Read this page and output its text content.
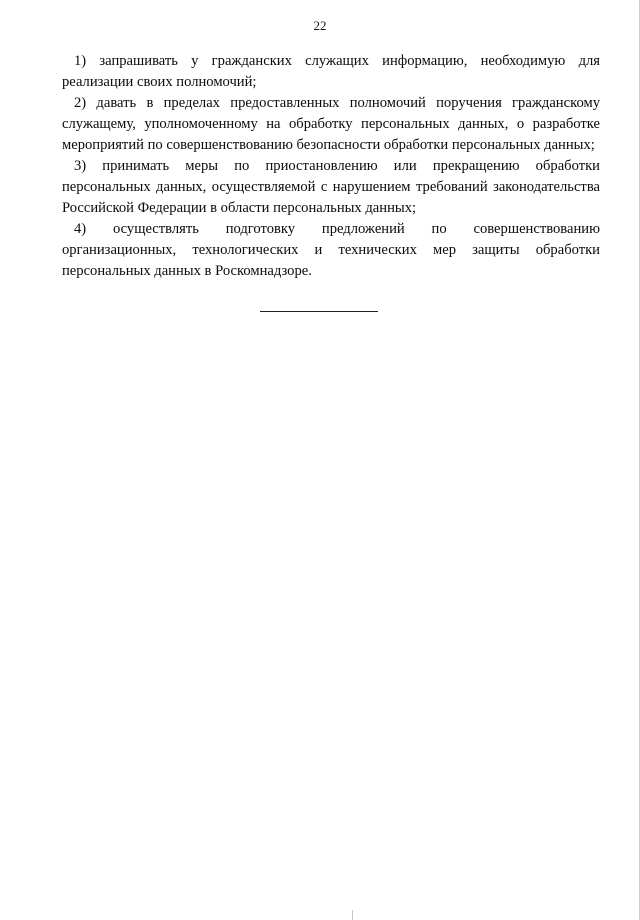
22

1) запрашивать у гражданских служащих информацию, необходимую для реализации своих полномочий;

2) давать в пределах предоставленных полномочий поручения гражданскому служащему, уполномоченному на обработку персональных данных, о разработке мероприятий по совершенствованию безопасности обработки персональных данных;

3) принимать меры по приостановлению или прекращению обработки персональных данных, осуществляемой с нарушением требований законодательства Российской Федерации в области персональных данных;

4) осуществлять подготовку предложений по совершенствованию организационных, технологических и технических мер защиты обработки персональных данных в Роскомнадзоре.
